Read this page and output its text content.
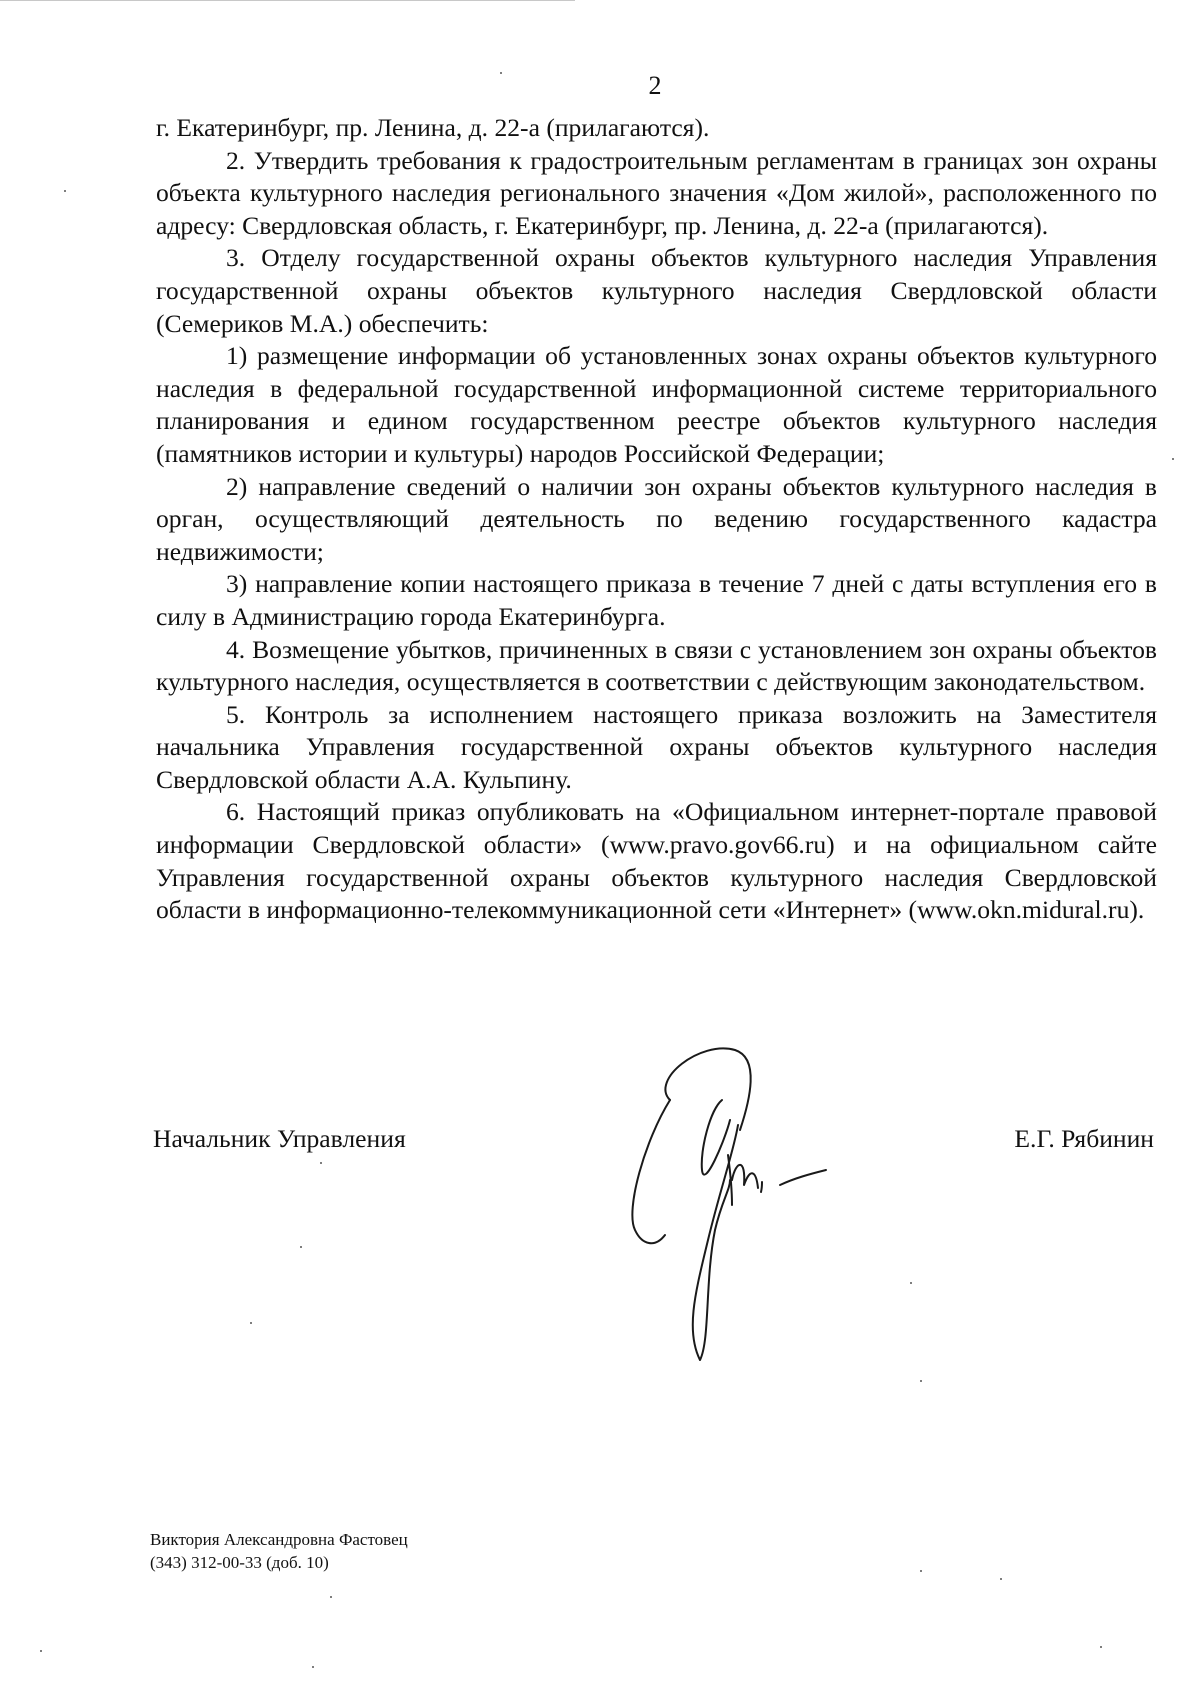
2

г. Екатеринбург, пр. Ленина, д. 22-а (прилагаются).

2. Утвердить требования к градостроительным регламентам в границах зон охраны объекта культурного наследия регионального значения «Дом жилой», расположенного по адресу: Свердловская область, г. Екатеринбург, пр. Ленина, д. 22-а (прилагаются).

3. Отделу государственной охраны объектов культурного наследия Управления государственной охраны объектов культурного наследия Свердловской области (Семериков М.А.) обеспечить:

1) размещение информации об установленных зонах охраны объектов культурного наследия в федеральной государственной информационной системе территориального планирования и едином государственном реестре объектов культурного наследия (памятников истории и культуры) народов Российской Федерации;

2) направление сведений о наличии зон охраны объектов культурного наследия в орган, осуществляющий деятельность по ведению государственного кадастра недвижимости;

3) направление копии настоящего приказа в течение 7 дней с даты вступления его в силу в Администрацию города Екатеринбурга.

4. Возмещение убытков, причиненных в связи с установлением зон охраны объектов культурного наследия, осуществляется в соответствии с действующим законодательством.

5. Контроль за исполнением настоящего приказа возложить на Заместителя начальника Управления государственной охраны объектов культурного наследия Свердловской области А.А. Кульпину.

6. Настоящий приказ опубликовать на «Официальном интернет-портале правовой информации Свердловской области» (www.pravo.gov66.ru) и на официальном сайте Управления государственной охраны объектов культурного наследия Свердловской области в информационно-телекоммуникационной сети «Интернет» (www.okn.midural.ru).

Начальник Управления	Е.Г. Рябинин
Виктория Александровна Фастовец
(343) 312-00-33 (доб. 10)
